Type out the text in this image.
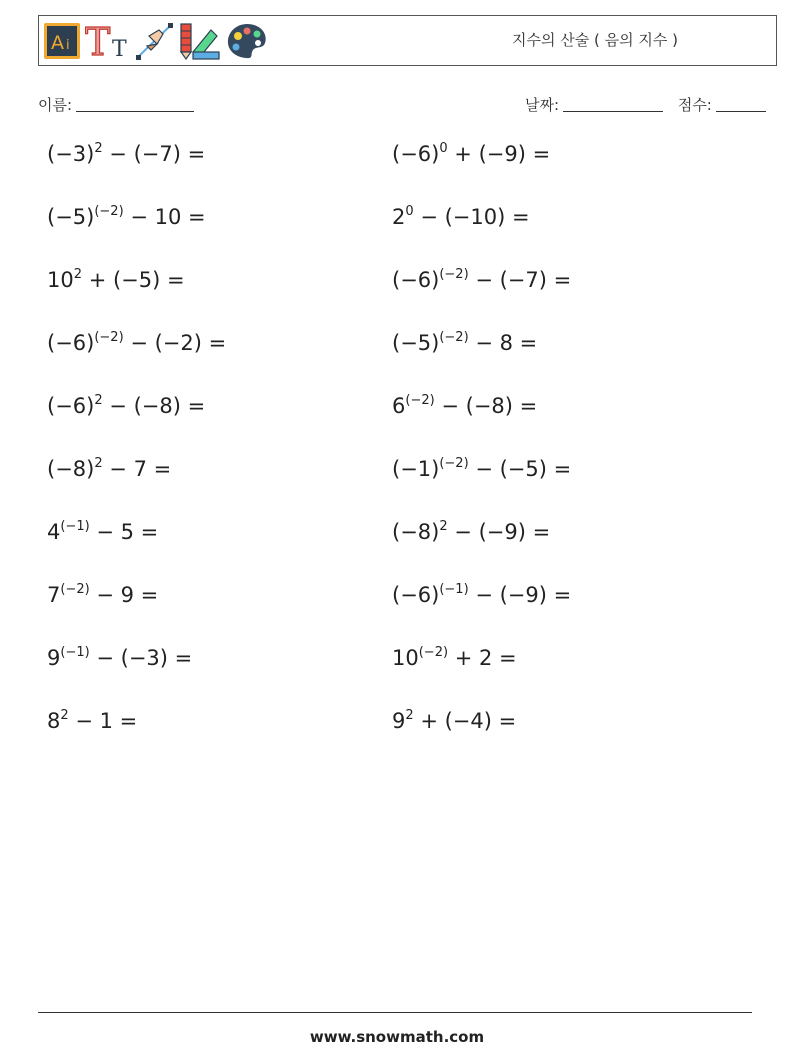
A i T T	지수의 산술 ( 음의 지수 )
이름:	날짜:	점수:
$(-3)^2 - (-7)$ =	$(-6)^0 + (-9)$ =
$(-5)^{(-2)} - 10$ =	$2^0 - (-10)$ =
$10^2 + (-5)$ =	$(-6)^{(-2)} - (-7)$ =
$(-6)^{(-2)} - (-2)$ =	$(-5)^{(-2)} - 8$ =
$(-6)^2 - (-8)$ =	$6^{(-2)} - (-8)$ =
$(-8)^2 - 7$ =	$(-1)^{(-2)} - (-5)$ =
$4^{(-1)} - 5$ =	$(-8)^2 - (-9)$ =
$7^{(-2)} - 9$ =	$(-6)^{(-1)} - (-9)$ =
$9^{(-1)} - (-3)$ =	$10^{(-2)} + 2$ =
$8^2 - 1$ =	$9^2 + (-4)$ =
www.snowmath.com
